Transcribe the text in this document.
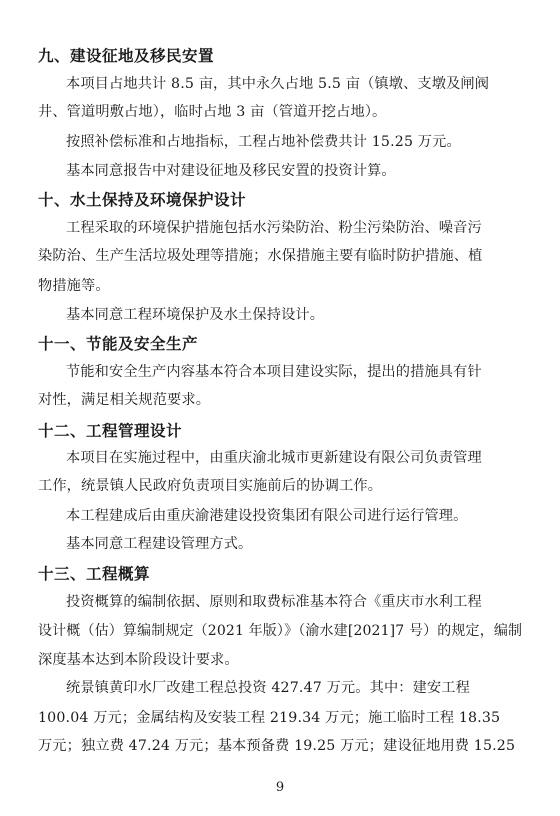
九、建设征地及移民安置
本项目占地共计 8.5 亩，其中永久占地 5.5 亩（镇墩、支墩及闸阀
井、管道明敷占地），临时占地 3 亩（管道开挖占地）。
按照补偿标准和占地指标，工程占地补偿费共计 15.25 万元。
基本同意报告中对建设征地及移民安置的投资计算。
十、水土保持及环境保护设计
工程采取的环境保护措施包括水污染防治、粉尘污染防治、噪音污
染防治、生产生活垃圾处理等措施；水保措施主要有临时防护措施、植
物措施等。
基本同意工程环境保护及水土保持设计。
十一、节能及安全生产
节能和安全生产内容基本符合本项目建设实际，提出的措施具有针
对性，满足相关规范要求。
十二、工程管理设计
本项目在实施过程中，由重庆渝北城市更新建设有限公司负责管理
工作，统景镇人民政府负责项目实施前后的协调工作。
本工程建成后由重庆渝港建设投资集团有限公司进行运行管理。
基本同意工程建设管理方式。
十三、工程概算
投资概算的编制依据、原则和取费标准基本符合《重庆市水利工程
设计概（估）算编制规定（2021 年版）》（渝水建[2021]7 号）的规定，编制
深度基本达到本阶段设计要求。
统景镇黄印水厂改建工程总投资 427.47 万元。其中：建安工程
100.04 万元；金属结构及安装工程 219.34 万元；施工临时工程 18.35
万元；独立费 47.24 万元；基本预备费 19.25 万元；建设征地用费 15.25
9
